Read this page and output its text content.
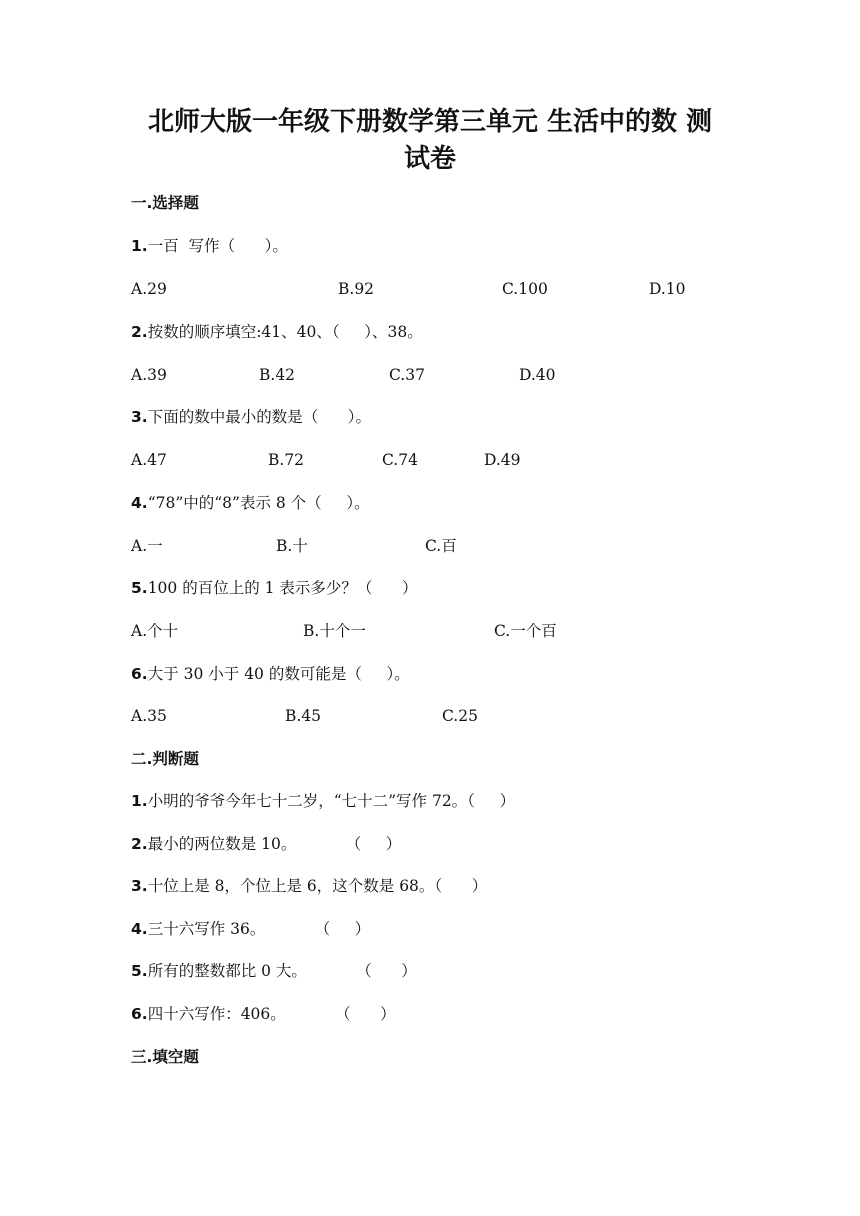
北师大版一年级下册数学第三单元 生活中的数 测
试卷
一.选择题
1.一百  写作（      ）。
A.29	B.92	C.100	D.10
2.按数的顺序填空:41、40、（     ）、38。
A.39	B.42	C.37	D.40
3.下面的数中最小的数是（      ）。
A.47	B.72	C.74	D.49
4.“78”中的“8”表示 8 个（     ）。
A.一	B.十	C.百
5.100 的百位上的 1 表示多少？（      ）
A.个十	B.十个一	C.一个百
6.大于 30 小于 40 的数可能是（     ）。
A.35	B.45	C.25
二.判断题
1.小明的爷爷今年七十二岁，“七十二”写作 72。（     ）
2.最小的两位数是 10。          （     ）
3.十位上是 8，个位上是 6，这个数是 68。（      ）
4.三十六写作 36。          （     ）
5.所有的整数都比 0 大。          （      ）
6.四十六写作：406。          （      ）
三.填空题
